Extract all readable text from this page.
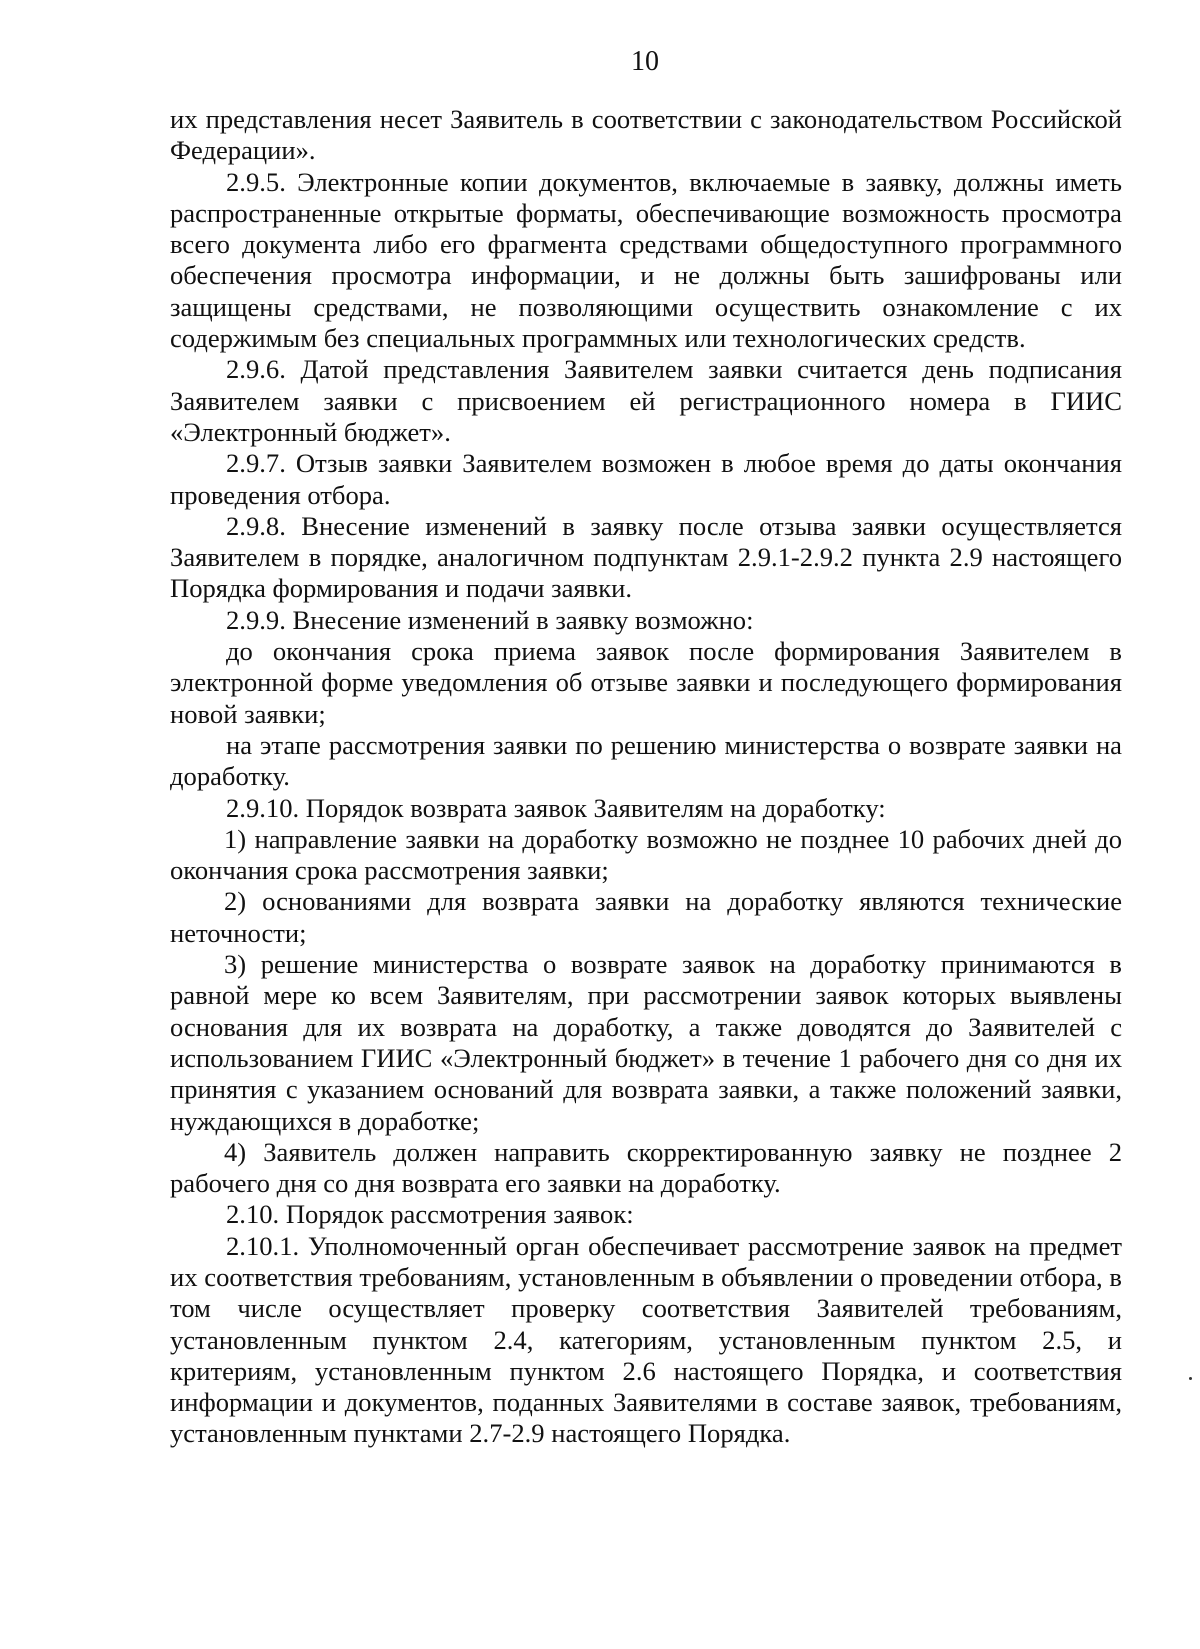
10

их представления несет Заявитель в соответствии с законодательством Российской Федерации».

2.9.5. Электронные копии документов, включаемые в заявку, должны иметь распространенные открытые форматы, обеспечивающие возможность просмотра всего документа либо его фрагмента средствами общедоступного программного обеспечения просмотра информации, и не должны быть зашифрованы или защищены средствами, не позволяющими осуществить ознакомление с их содержимым без специальных программных или технологических средств.

2.9.6. Датой представления Заявителем заявки считается день подписания Заявителем заявки с присвоением ей регистрационного номера в ГИИС «Электронный бюджет».

2.9.7. Отзыв заявки Заявителем возможен в любое время до даты окончания проведения отбора.

2.9.8. Внесение изменений в заявку после отзыва заявки осуществляется Заявителем в порядке, аналогичном подпунктам 2.9.1-2.9.2 пункта 2.9 настоящего Порядка формирования и подачи заявки.

2.9.9. Внесение изменений в заявку возможно:

до окончания срока приема заявок после формирования Заявителем в электронной форме уведомления об отзыве заявки и последующего формирования новой заявки;

на этапе рассмотрения заявки по решению министерства о возврате заявки на доработку.

2.9.10. Порядок возврата заявок Заявителям на доработку:

1) направление заявки на доработку возможно не позднее 10 рабочих дней до окончания срока рассмотрения заявки;

2) основаниями для возврата заявки на доработку являются технические неточности;

3) решение министерства о возврате заявок на доработку принимаются в равной мере ко всем Заявителям, при рассмотрении заявок которых выявлены основания для их возврата на доработку, а также доводятся до Заявителей с использованием ГИИС «Электронный бюджет» в течение 1 рабочего дня со дня их принятия с указанием оснований для возврата заявки, а также положений заявки, нуждающихся в доработке;

4) Заявитель должен направить скорректированную заявку не позднее 2 рабочего дня со дня возврата его заявки на доработку.

2.10. Порядок рассмотрения заявок:

2.10.1. Уполномоченный орган обеспечивает рассмотрение заявок на предмет их соответствия требованиям, установленным в объявлении о проведении отбора, в том числе осуществляет проверку соответствия Заявителей требованиям, установленным пунктом 2.4, категориям, установленным пунктом 2.5, и критериям, установленным пунктом 2.6 настоящего Порядка, и соответствия информации и документов, поданных Заявителями в составе заявок, требованиям, установленным пунктами 2.7-2.9 настоящего Порядка.
